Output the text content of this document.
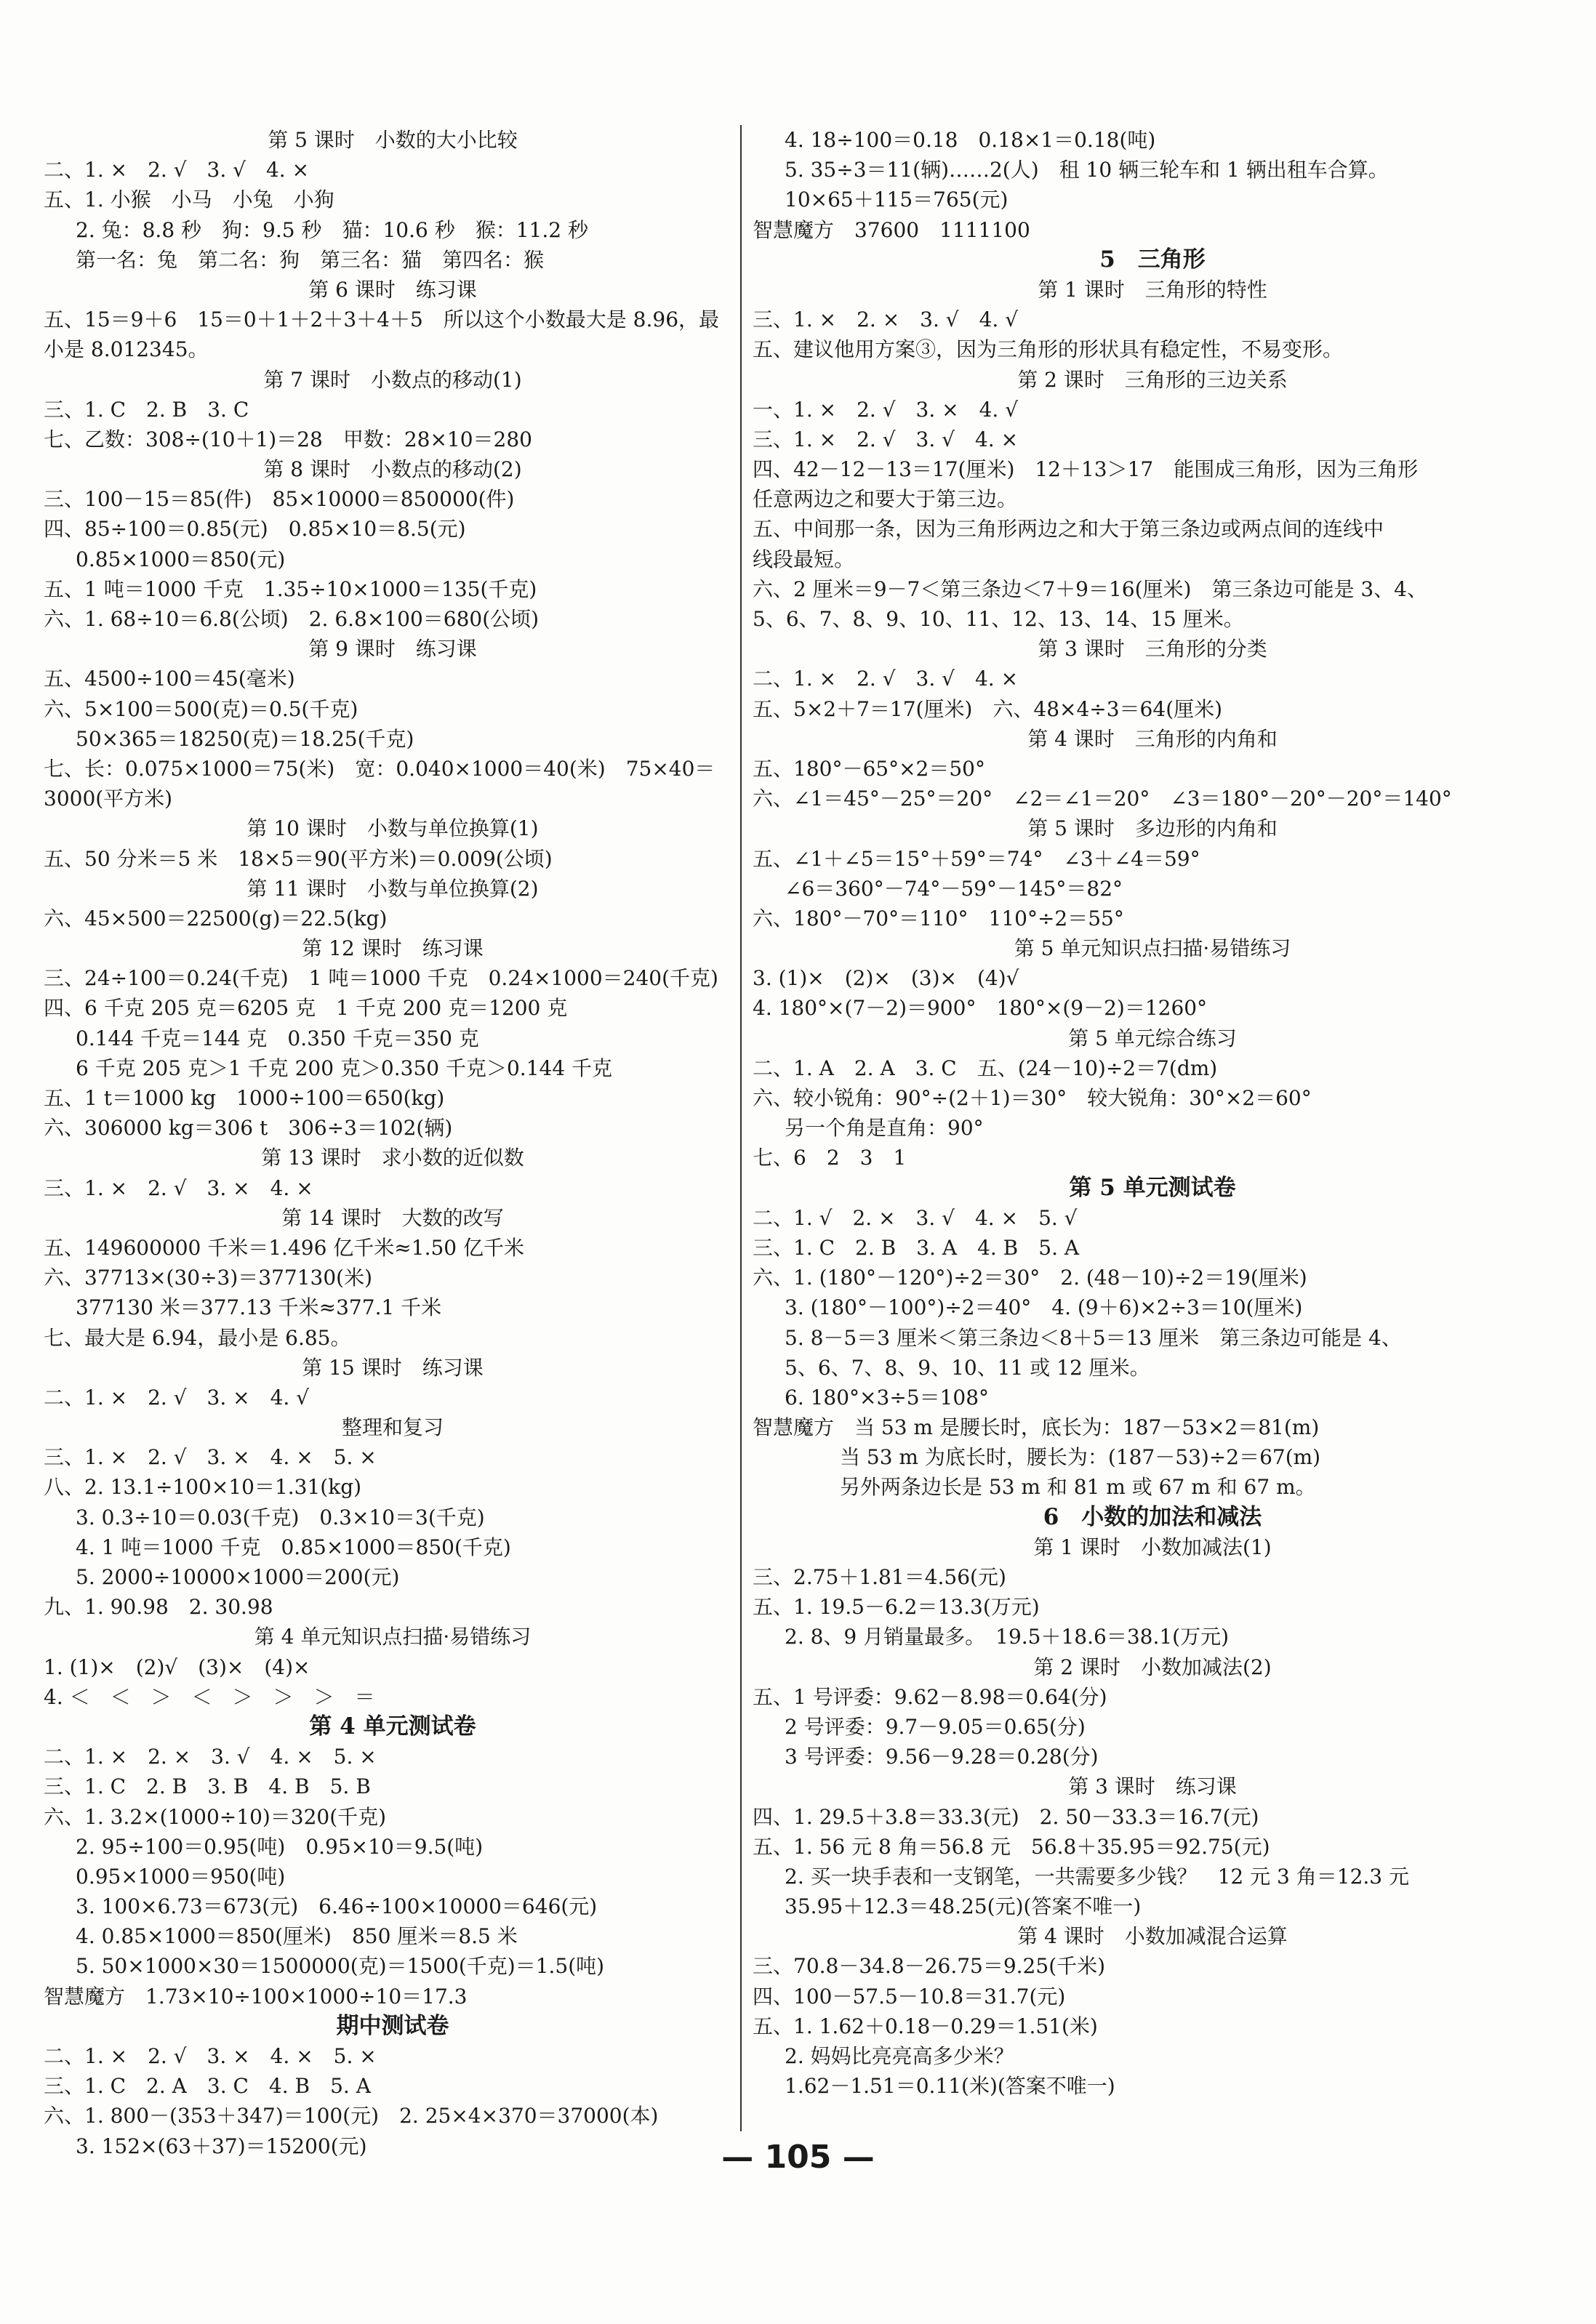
第 5 课时　小数的大小比较
二、1. ×　2. √　3. √　4. ×
五、1. 小猴　小马　小兔　小狗
2. 兔：8.8 秒　狗：9.5 秒　猫：10.6 秒　猴：11.2 秒
第一名：兔　第二名：狗　第三名：猫　第四名：猴
第 6 课时　练习课
五、15＝9＋6　15＝0＋1＋2＋3＋4＋5　所以这个小数最大是 8.96，最
小是 8.012345。
第 7 课时　小数点的移动(1)
三、1. C　2. B　3. C
七、乙数：308÷(10＋1)＝28　甲数：28×10＝280
第 8 课时　小数点的移动(2)
三、100－15＝85(件)　85×10000＝850000(件)
四、85÷100＝0.85(元)　0.85×10＝8.5(元)
0.85×1000＝850(元)
五、1 吨＝1000 千克　1.35÷10×1000＝135(千克)
六、1. 68÷10＝6.8(公顷)　2. 6.8×100＝680(公顷)
第 9 课时　练习课
五、4500÷100＝45(毫米)
六、5×100＝500(克)＝0.5(千克)
50×365＝18250(克)＝18.25(千克)
七、长：0.075×1000＝75(米)　宽：0.040×1000＝40(米)　75×40＝
3000(平方米)
第 10 课时　小数与单位换算(1)
五、50 分米＝5 米　18×5＝90(平方米)＝0.009(公顷)
第 11 课时　小数与单位换算(2)
六、45×500＝22500(g)＝22.5(kg)
第 12 课时　练习课
三、24÷100＝0.24(千克)　1 吨＝1000 千克　0.24×1000＝240(千克)
四、6 千克 205 克＝6205 克　1 千克 200 克＝1200 克
0.144 千克＝144 克　0.350 千克＝350 克
6 千克 205 克＞1 千克 200 克＞0.350 千克＞0.144 千克
五、1 t＝1000 kg　1000÷100＝650(kg)
六、306000 kg＝306 t　306÷3＝102(辆)
第 13 课时　求小数的近似数
三、1. ×　2. √　3. ×　4. ×
第 14 课时　大数的改写
五、149600000 千米＝1.496 亿千米≈1.50 亿千米
六、37713×(30÷3)＝377130(米)
377130 米＝377.13 千米≈377.1 千米
七、最大是 6.94，最小是 6.85。
第 15 课时　练习课
二、1. ×　2. √　3. ×　4. √
整理和复习
三、1. ×　2. √　3. ×　4. ×　5. ×
八、2. 13.1÷100×10＝1.31(kg)
3. 0.3÷10＝0.03(千克)　0.3×10＝3(千克)
4. 1 吨＝1000 千克　0.85×1000＝850(千克)
5. 2000÷10000×1000＝200(元)
九、1. 90.98　2. 30.98
第 4 单元知识点扫描·易错练习
1. (1)×　(2)√　(3)×　(4)×
4. ＜　＜　＞　＜　＞　＞　＞　＝
第 4 单元测试卷
二、1. ×　2. ×　3. √　4. ×　5. ×
三、1. C　2. B　3. B　4. B　5. B
六、1. 3.2×(1000÷10)＝320(千克)
2. 95÷100＝0.95(吨)　0.95×10＝9.5(吨)
0.95×1000＝950(吨)
3. 100×6.73＝673(元)　6.46÷100×10000＝646(元)
4. 0.85×1000＝850(厘米)　850 厘米＝8.5 米
5. 50×1000×30＝1500000(克)＝1500(千克)＝1.5(吨)
智慧魔方　1.73×10÷100×1000÷10＝17.3
期中测试卷
二、1. ×　2. √　3. ×　4. ×　5. ×
三、1. C　2. A　3. C　4. B　5. A
六、1. 800－(353＋347)＝100(元)　2. 25×4×370＝37000(本)
3. 152×(63＋37)＝15200(元)
4. 18÷100＝0.18　0.18×1＝0.18(吨)
5. 35÷3＝11(辆)……2(人)　租 10 辆三轮车和 1 辆出租车合算。
10×65＋115＝765(元)
智慧魔方　37600　1111100
5　三角形
第 1 课时　三角形的特性
三、1. ×　2. ×　3. √　4. √
五、建议他用方案③，因为三角形的形状具有稳定性，不易变形。
第 2 课时　三角形的三边关系
一、1. ×　2. √　3. ×　4. √
三、1. ×　2. √　3. √　4. ×
四、42－12－13＝17(厘米)　12＋13＞17　能围成三角形，因为三角形
任意两边之和要大于第三边。
五、中间那一条，因为三角形两边之和大于第三条边或两点间的连线中
线段最短。
六、2 厘米＝9－7＜第三条边＜7＋9＝16(厘米)　第三条边可能是 3、4、
5、6、7、8、9、10、11、12、13、14、15 厘米。
第 3 课时　三角形的分类
二、1. ×　2. √　3. √　4. ×
五、5×2＋7＝17(厘米)　六、48×4÷3＝64(厘米)
第 4 课时　三角形的内角和
五、180°－65°×2＝50°
六、∠1＝45°－25°＝20°　∠2＝∠1＝20°　∠3＝180°－20°－20°＝140°
第 5 课时　多边形的内角和
五、∠1＋∠5＝15°＋59°＝74°　∠3＋∠4＝59°
∠6＝360°－74°－59°－145°＝82°
六、180°－70°＝110°　110°÷2＝55°
第 5 单元知识点扫描·易错练习
3. (1)×　(2)×　(3)×　(4)√
4. 180°×(7－2)＝900°　180°×(9－2)＝1260°
第 5 单元综合练习
二、1. A　2. A　3. C　五、(24－10)÷2＝7(dm)
六、较小锐角：90°÷(2＋1)＝30°　较大锐角：30°×2＝60°
另一个角是直角：90°
七、6　2　3　1
第 5 单元测试卷
二、1. √　2. ×　3. √　4. ×　5. √
三、1. C　2. B　3. A　4. B　5. A
六、1. (180°－120°)÷2＝30°　2. (48－10)÷2＝19(厘米)
3. (180°－100°)÷2＝40°　4. (9＋6)×2÷3＝10(厘米)
5. 8－5＝3 厘米＜第三条边＜8＋5＝13 厘米　第三条边可能是 4、
5、6、7、8、9、10、11 或 12 厘米。
6. 180°×3÷5＝108°
智慧魔方　当 53 m 是腰长时，底长为：187－53×2＝81(m)
当 53 m 为底长时，腰长为：(187－53)÷2＝67(m)
另外两条边长是 53 m 和 81 m 或 67 m 和 67 m。
6　小数的加法和减法
第 1 课时　小数加减法(1)
三、2.75＋1.81＝4.56(元)
五、1. 19.5－6.2＝13.3(万元)
2. 8、9 月销量最多。　19.5＋18.6＝38.1(万元)
第 2 课时　小数加减法(2)
五、1 号评委：9.62－8.98＝0.64(分)
2 号评委：9.7－9.05＝0.65(分)
3 号评委：9.56－9.28＝0.28(分)
第 3 课时　练习课
四、1. 29.5＋3.8＝33.3(元)　2. 50－33.3＝16.7(元)
五、1. 56 元 8 角＝56.8 元　56.8＋35.95＝92.75(元)
2. 买一块手表和一支钢笔，一共需要多少钱？　12 元 3 角＝12.3 元
35.95＋12.3＝48.25(元)(答案不唯一)
第 4 课时　小数加减混合运算
三、70.8－34.8－26.75＝9.25(千米)
四、100－57.5－10.8＝31.7(元)
五、1. 1.62＋0.18－0.29＝1.51(米)
2. 妈妈比亮亮高多少米？
1.62－1.51＝0.11(米)(答案不唯一)
— 105 —
